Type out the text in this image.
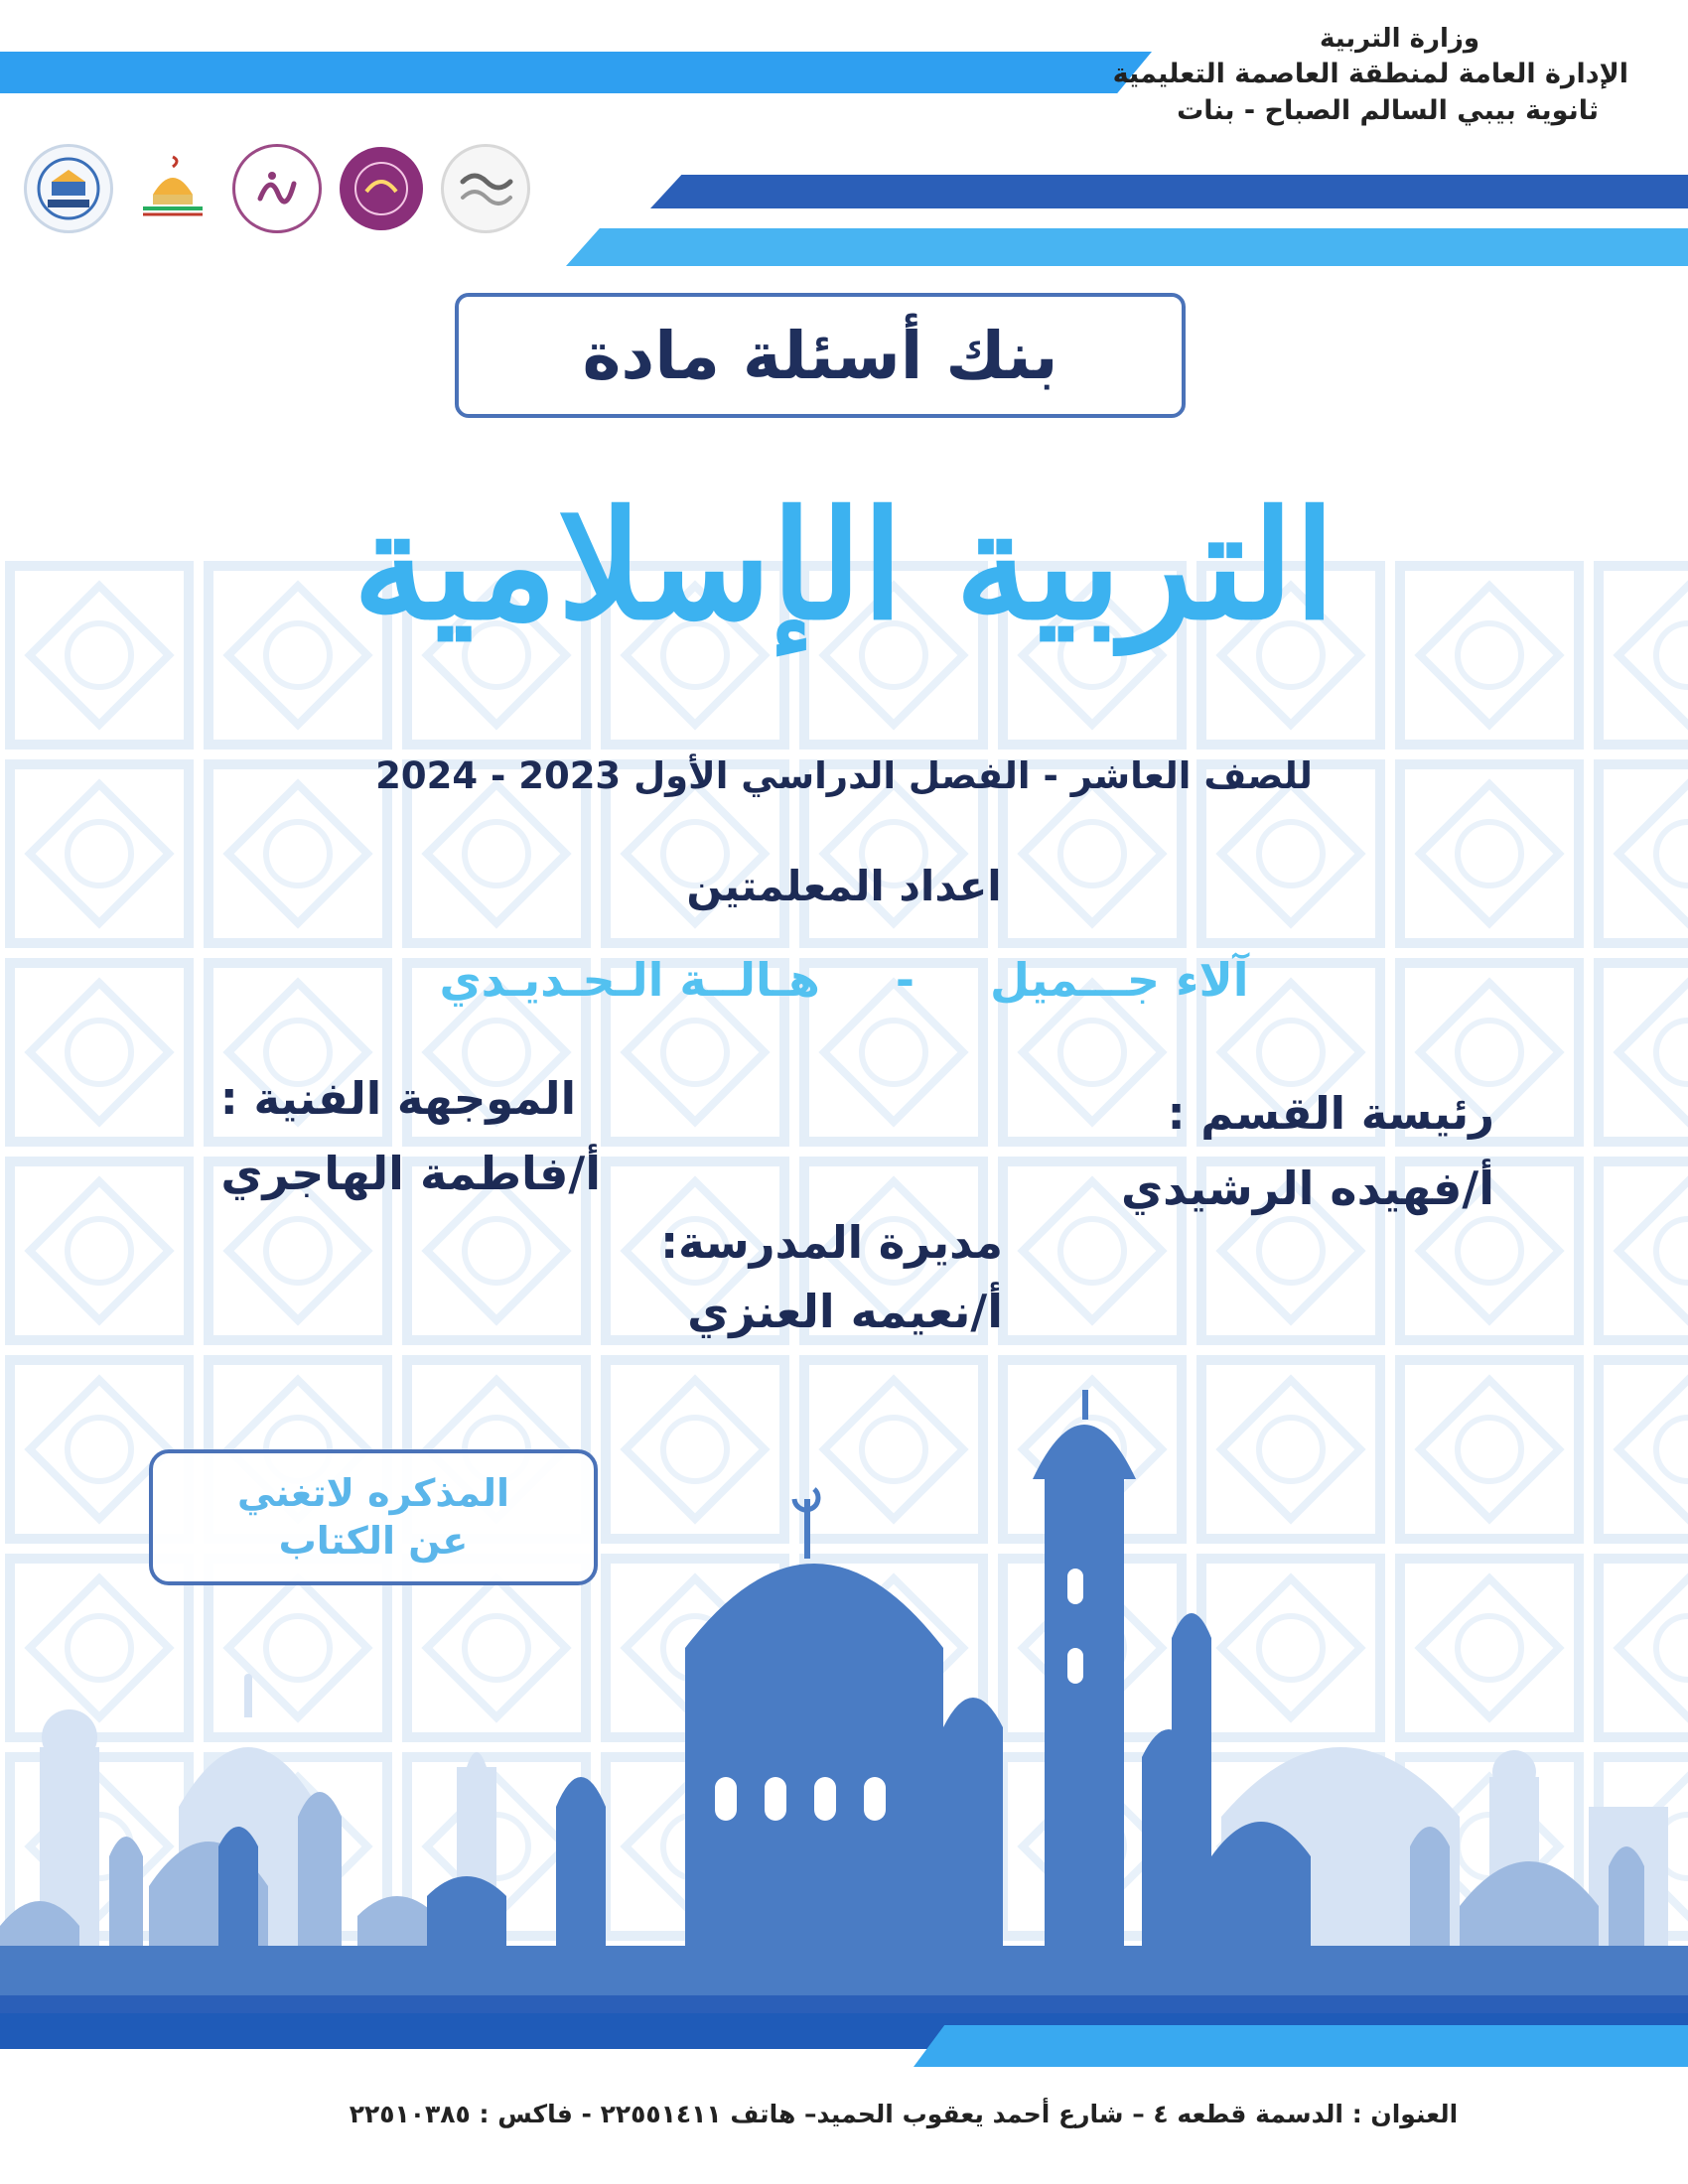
وزارة التربية
الإدارة العامة لمنطقة العاصمة التعليمية
ثانوية بيبي السالم الصباح - بنات
بنك أسئلة مادة
التربية الإسلامية
للصف العاشر - الفصل الدراسي الأول 2023 - 2024
اعداد المعلمتين
آلاء جـــميل - هـالــة الـحـديـدي
رئيسة القسم :
أ/فهيده الرشيدي
الموجهة الفنية :
أ/فاطمة الهاجري
مديرة المدرسة:
أ/نعيمه العنزي
المذكره لاتغني
عن الكتاب
العنوان : الدسمة قطعه ٤ – شارع أحمد يعقوب الحميد– هاتف ٢٢٥٥١٤١١ - فاكس : ٢٢٥١٠٣٨٥
